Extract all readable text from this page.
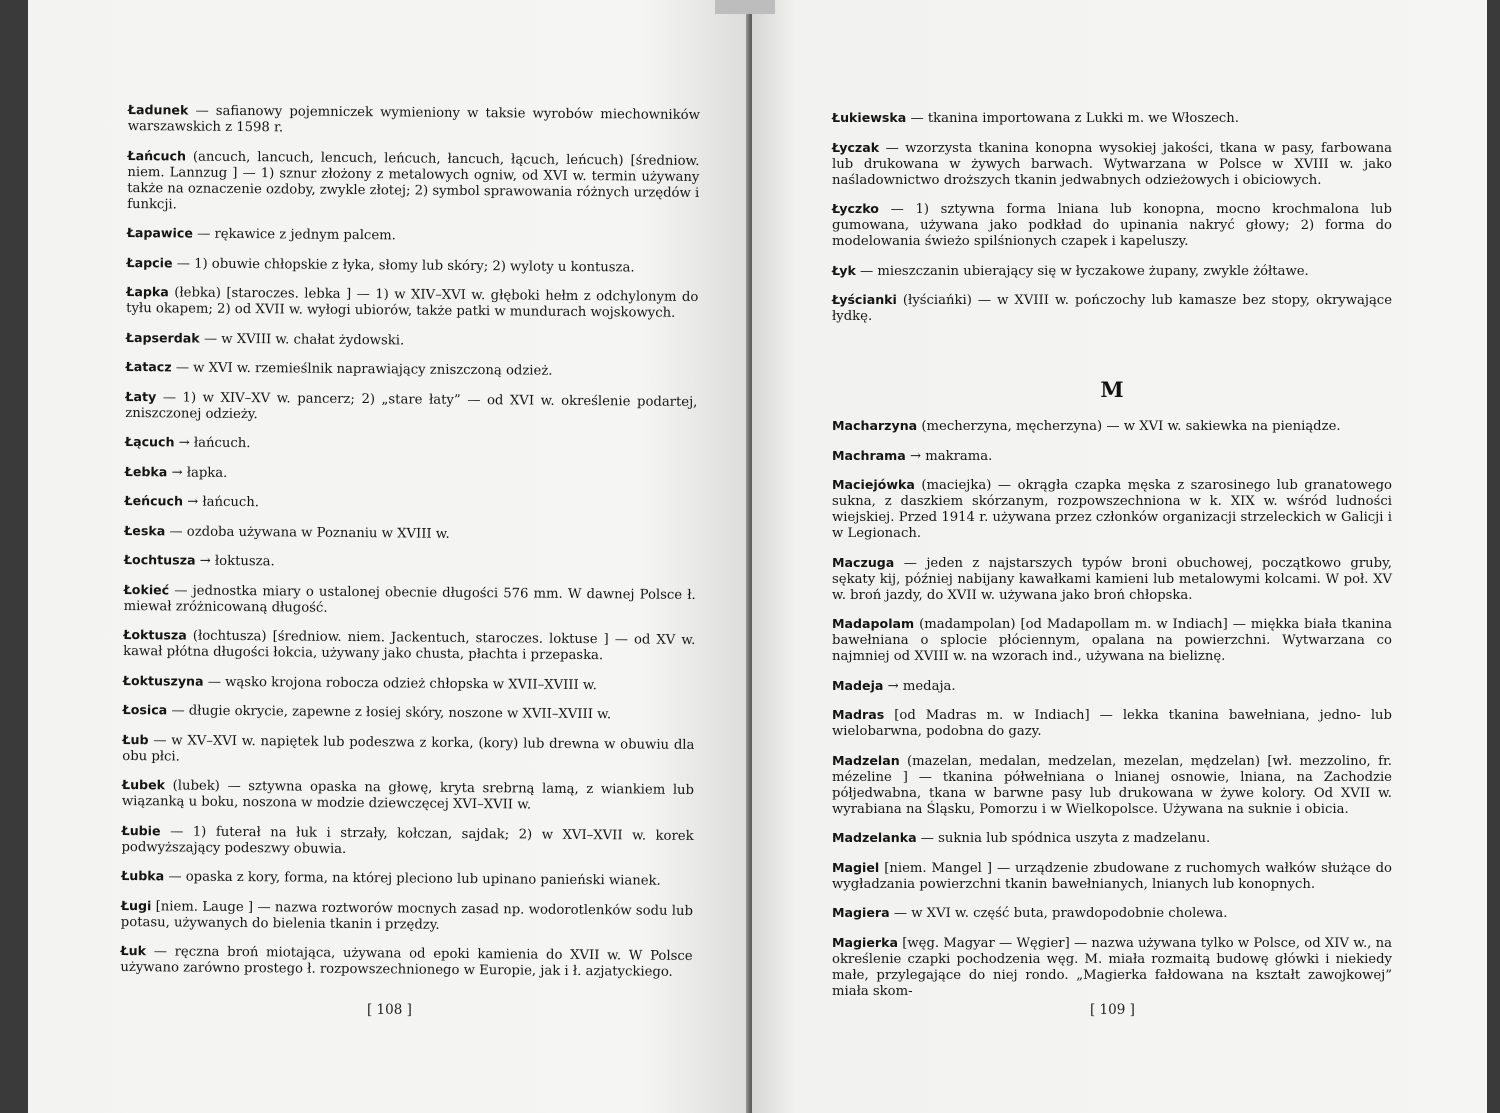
Ładunek — safianowy pojemniczek wymieniony w taksie wyrobów miechowników warszawskich z 1598 r.
Łańcuch (ancuch, lancuch, lencuch, leńcuch, łancuch, łącuch, leńcuch) [średniow. niem. Lannzug ] — 1) sznur złożony z metalowych ogniw, od XVI w. termin używany także na oznaczenie ozdoby, zwykle złotej; 2) symbol sprawowania różnych urzędów i funkcji.
Łapawice — rękawice z jednym palcem.
Łapcie — 1) obuwie chłopskie z łyka, słomy lub skóry; 2) wyloty u kontusza.
Łapka (łebka) [staroczes. lebka ] — 1) w XIV–XVI w. głęboki hełm z odchylonym do tyłu okapem; 2) od XVII w. wyłogi ubiorów, także patki w mundurach wojskowych.
Łapserdak — w XVIII w. chałat żydowski.
Łatacz — w XVI w. rzemieślnik naprawiający zniszczoną odzież.
Łaty — 1) w XIV–XV w. pancerz; 2) „stare łaty” — od XVI w. określenie podartej, zniszczonej odzieży.
Łącuch → łańcuch.
Łebka → łapka.
Łeńcuch → łańcuch.
Łeska — ozdoba używana w Poznaniu w XVIII w.
Łochtusza → łoktusza.
Łokieć — jednostka miary o ustalonej obecnie długości 576 mm. W dawnej Polsce ł. miewał zróżnicowaną długość.
Łoktusza (łochtusza) [średniow. niem. Jackentuch, staroczes. loktuse ] — od XV w. kawał płótna długości łokcia, używany jako chusta, płachta i przepaska.
Łoktuszyna — wąsko krojona robocza odzież chłopska w XVII–XVIII w.
Łosica — długie okrycie, zapewne z łosiej skóry, noszone w XVII–XVIII w.
Łub — w XV–XVI w. napiętek lub podeszwa z korka, (kory) lub drewna w obuwiu dla obu płci.
Łubek (lubek) — sztywna opaska na głowę, kryta srebrną lamą, z wiankiem lub wiązanką u boku, noszona w modzie dziewczęcej XVI–XVII w.
Łubie — 1) futerał na łuk i strzały, kołczan, sajdak; 2) w XVI–XVII w. korek podwyższający podeszwy obuwia.
Łubka — opaska z kory, forma, na której pleciono lub upinano panieński wianek.
Ługi [niem. Lauge ] — nazwa roztworów mocnych zasad np. wodorotlenków sodu lub potasu, używanych do bielenia tkanin i przędzy.
Łuk — ręczna broń miotająca, używana od epoki kamienia do XVII w. W Polsce używano zarówno prostego ł. rozpowszechnionego w Europie, jak i ł. azjatyckiego.
[ 108 ]
Łukiewska — tkanina importowana z Lukki m. we Włoszech.
Łyczak — wzorzysta tkanina konopna wysokiej jakości, tkana w pasy, farbowana lub drukowana w żywych barwach. Wytwarzana w Polsce w XVIII w. jako naśladownictwo droższych tkanin jedwabnych odzieżowych i obiciowych.
Łyczko — 1) sztywna forma lniana lub konopna, mocno krochmalona lub gumowana, używana jako podkład do upinania nakryć głowy; 2) forma do modelowania świeżo spilśnionych czapek i kapeluszy.
Łyk — mieszczanin ubierający się w łyczakowe żupany, zwykle żółtawe.
Łyścianki (łyściańki) — w XVIII w. pończochy lub kamasze bez stopy, okrywające łydkę.
M
Macharzyna (mecherzyna, męcherzyna) — w XVI w. sakiewka na pieniądze.
Machrama → makrama.
Maciejówka (maciejka) — okrągła czapka męska z szarosinego lub granatowego sukna, z daszkiem skórzanym, rozpowszechniona w k. XIX w. wśród ludności wiejskiej. Przed 1914 r. używana przez członków organizacji strzeleckich w Galicji i w Legionach.
Maczuga — jeden z najstarszych typów broni obuchowej, początkowo gruby, sękaty kij, później nabijany kawałkami kamieni lub metalowymi kolcami. W poł. XV w. broń jazdy, do XVII w. używana jako broń chłopska.
Madapolam (madampolan) [od Madapollam m. w Indiach] — miękka biała tkanina bawełniana o splocie płóciennym, opalana na powierzchni. Wytwarzana co najmniej od XVIII w. na wzorach ind., używana na bieliznę.
Madeja → medaja.
Madras [od Madras m. w Indiach] — lekka tkanina bawełniana, jedno- lub wielobarwna, podobna do gazy.
Madzelan (mazelan, medalan, medzelan, mezelan, mędzelan) [wł. mezzolino, fr. mézeline ] — tkanina półwełniana o lnianej osnowie, lniana, na Zachodzie półjedwabna, tkana w barwne pasy lub drukowana w żywe kolory. Od XVII w. wyrabiana na Śląsku, Pomorzu i w Wielkopolsce. Używana na suknie i obicia.
Madzelanka — suknia lub spódnica uszyta z madzelanu.
Magiel [niem. Mangel ] — urządzenie zbudowane z ruchomych wałków służące do wygładzania powierzchni tkanin bawełnianych, lnianych lub konopnych.
Magiera — w XVI w. część buta, prawdopodobnie cholewa.
Magierka [węg. Magyar — Węgier] — nazwa używana tylko w Polsce, od XIV w., na określenie czapki pochodzenia węg. M. miała rozmaitą budowę główki i niekiedy małe, przylegające do niej rondo. „Magierka fałdowana na kształt zawojkowej” miała skom-
[ 109 ]
